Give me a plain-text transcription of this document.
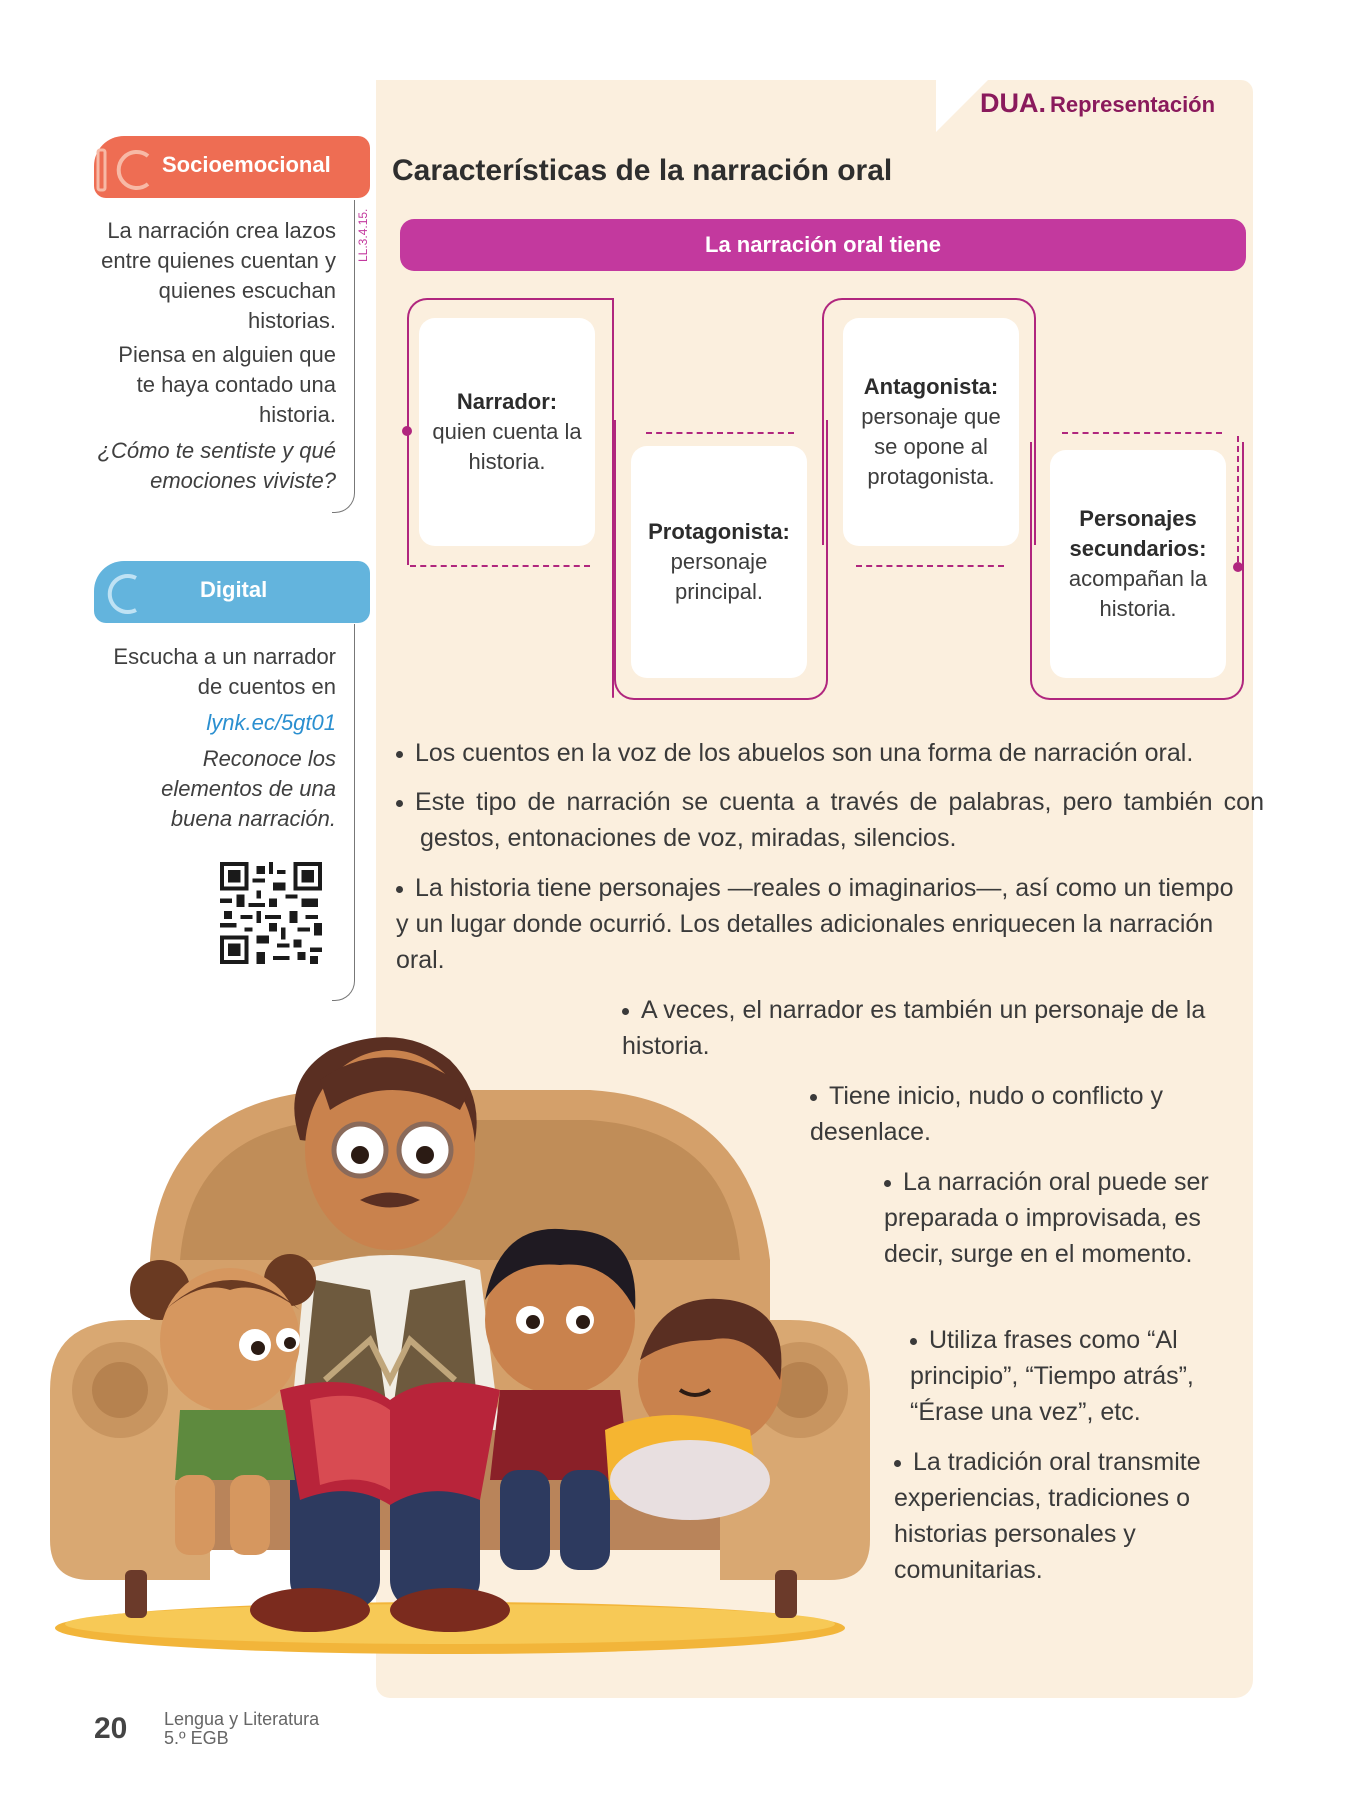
DUA. Representación
Características de la narración oral
La narración oral tiene
Narrador:
quien cuenta la historia.
Protagonista:
personaje principal.
Antagonista:
personaje que se opone al protagonista.
Personajes secundarios:
acompañan la historia.
Socioemocional
LL.3.4.15.
La narración crea lazos entre quienes cuentan y quienes escuchan historias.
Piensa en alguien que te haya contado una historia.
¿Cómo te sentiste y qué emociones viviste?
Digital
Escucha a un narrador de cuentos en
lynk.ec/5gt01
Reconoce los elementos de una buena narración.
Los cuentos en la voz de los abuelos son una forma de narración oral.
Este tipo de narración se cuenta a través de palabras, pero también con gestos, entonaciones de voz, miradas, silencios.
La historia tiene personajes —reales o imaginarios—, así como un tiempo y un lugar donde ocurrió. Los detalles adicionales enriquecen la narración oral.
A veces, el narrador es también un personaje de la historia.
Tiene inicio, nudo o conflicto y desenlace.
La narración oral puede ser preparada o improvisada, es decir, surge en el momento.
Utiliza frases como “Al principio”, “Tiempo atrás”, “Érase una vez”, etc.
La tradición oral transmite experiencias, tradiciones o historias personales y comunitarias.
20 Lengua y Literatura
5.º EGB
